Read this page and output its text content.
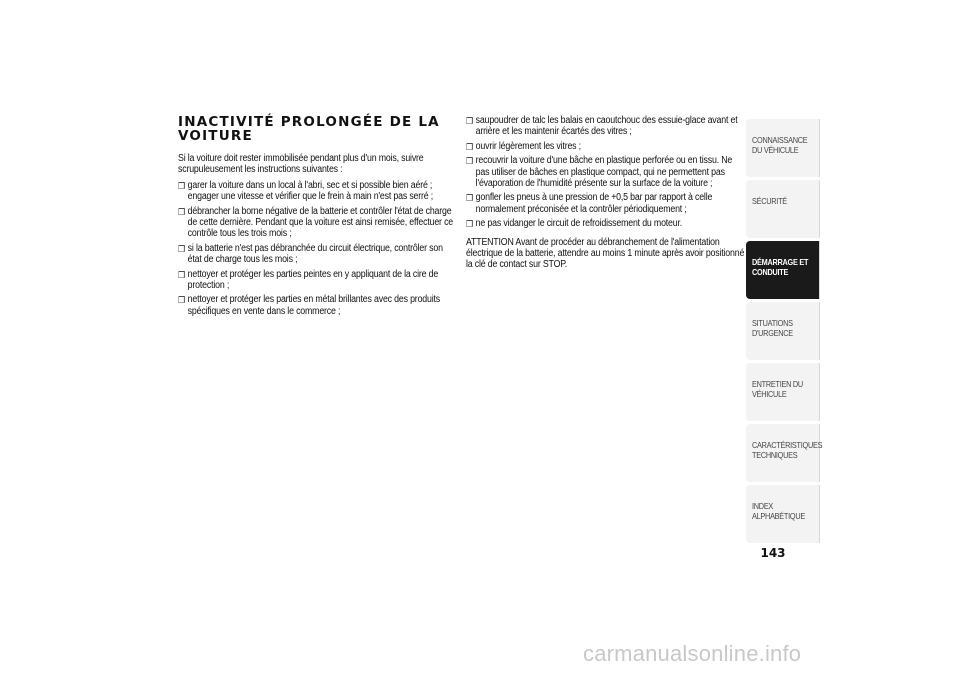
INACTIVITÉ PROLONGÉE DE LA VOITURE

Si la voiture doit rester immobilisée pendant plus d'un mois, suivre scrupuleusement les instructions suivantes :

❒ garer la voiture dans un local à l'abri, sec et si possible bien aéré ; engager une vitesse et vérifier que le frein à main n'est pas serré ;
❒ débrancher la borne négative de la batterie et contrôler l'état de charge de cette dernière. Pendant que la voiture est ainsi remisée, effectuer ce contrôle tous les trois mois ;
❒ si la batterie n'est pas débranchée du circuit électrique, contrôler son état de charge tous les mois ;
❒ nettoyer et protéger les parties peintes en y appliquant de la cire de protection ;
❒ nettoyer et protéger les parties en métal brillantes avec des produits spécifiques en vente dans le commerce ;
❒ saupoudrer de talc les balais en caoutchouc des essuie-glace avant et arrière et les maintenir écartés des vitres ;
❒ ouvrir légèrement les vitres ;
❒ recouvrir la voiture d'une bâche en plastique perforée ou en tissu. Ne pas utiliser de bâches en plastique compact, qui ne permettent pas l'évaporation de l'humidité présente sur la surface de la voiture ;
❒ gonfler les pneus à une pression de +0,5 bar par rapport à celle normalement préconisée et la contrôler périodiquement ;
❒ ne pas vidanger le circuit de refroidissement du moteur.

ATTENTION Avant de procéder au débranchement de l'alimentation électrique de la batterie, attendre au moins 1 minute après avoir positionné la clé de contact sur STOP.

CONNAISSANCE DU VÉHICULE
SÉCURITÉ
DÉMARRAGE ET CONDUITE
SITUATIONS D'URGENCE
ENTRETIEN DU VÉHICULE
CARACTÉRISTIQUES TECHNIQUES
INDEX ALPHABÉTIQUE
143
carmanualsonline.info
